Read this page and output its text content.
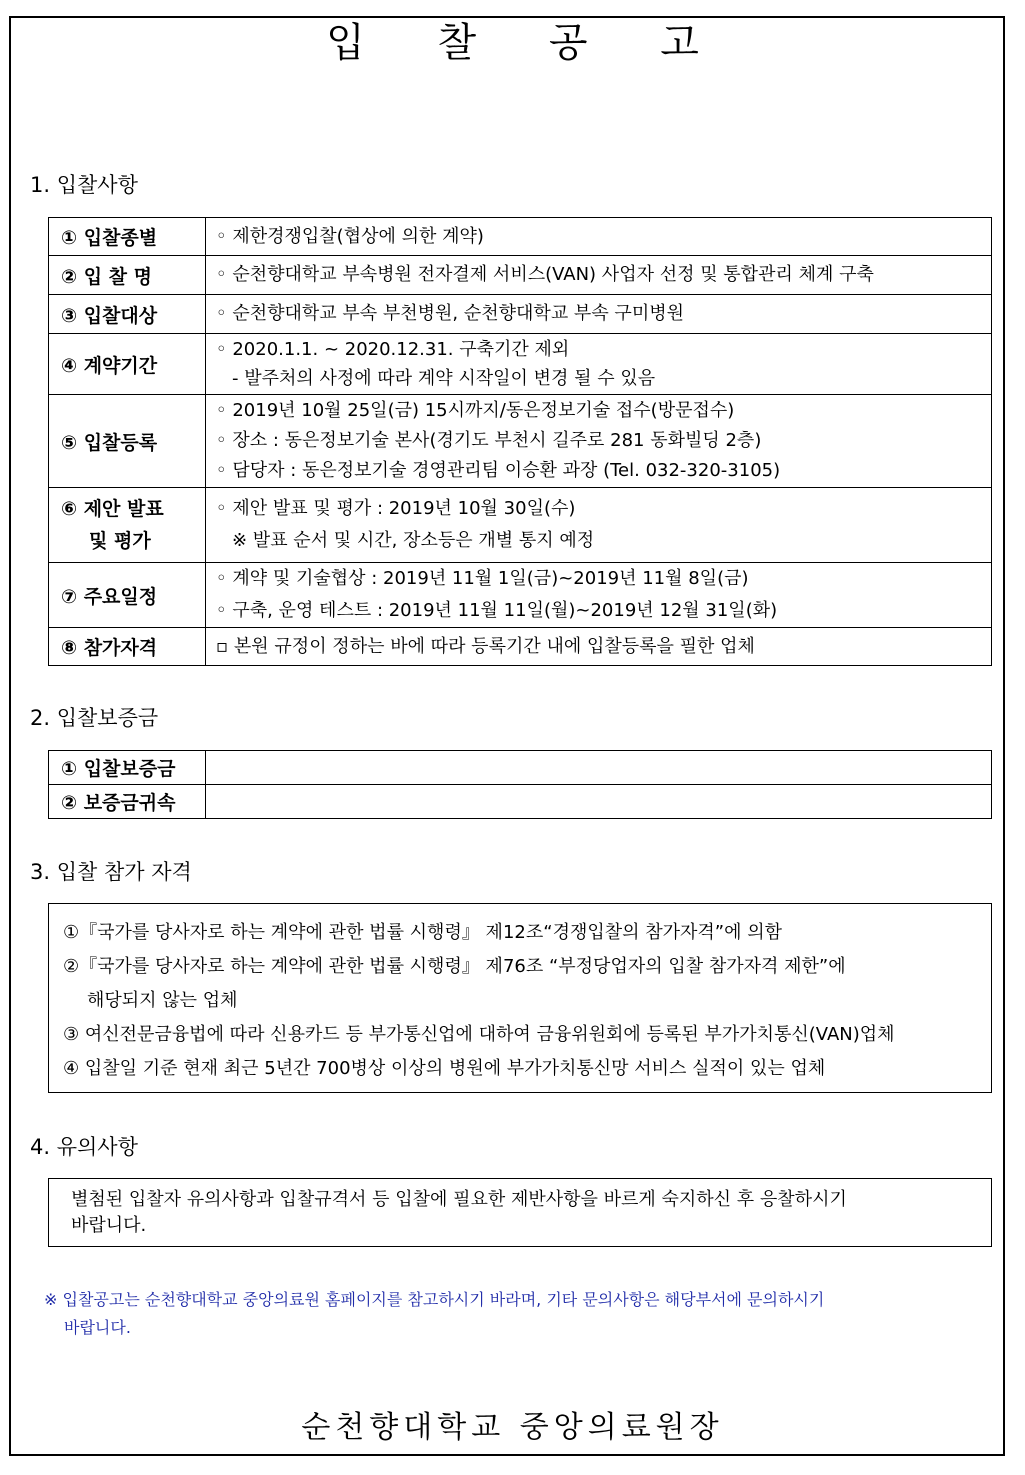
입 찰 공 고
1. 입찰사항
① 입찰종별	◦ 제한경쟁입찰(협상에 의한 계약)

② 입 찰 명	◦ 순천향대학교 부속병원 전자결제 서비스(VAN) 사업자 선정 및 통합관리 체계 구축

③ 입찰대상	◦ 순천향대학교 부속 부천병원, 순천향대학교 부속 구미병원

④ 계약기간	◦ 2020.1.1. ~ 2020.12.31. 구축기간 제외
- 발주처의 사정에 따라 계약 시작일이 변경 될 수 있음

⑤ 입찰등록	◦ 2019년 10월 25일(금) 15시까지/동은정보기술 접수(방문접수)
◦ 장소 : 동은정보기술 본사(경기도 부천시 길주로 281 동화빌딩 2층)
◦ 담당자 : 동은정보기술 경영관리팀 이승환 과장 (Tel. 032-320-3105)

⑥ 제안 발표
및 평가	◦ 제안 발표 및 평가 : 2019년 10월 30일(수)
※ 발표 순서 및 시간, 장소등은 개별 통지 예정

⑦ 주요일정	◦ 계약 및 기술협상 : 2019년 11월 1일(금)~2019년 11월 8일(금)
◦ 구축, 운영 테스트 : 2019년 11월 11일(월)~2019년 12월 31일(화)

⑧ 참가자격	▫ 본원 규정이 정하는 바에 따라 등록기간 내에 입찰등록을 필한 업체
2. 입찰보증금
① 입찰보증금	
② 보증금귀속	
3. 입찰 참가 자격
①『국가를 당사자로 하는 계약에 관한 법률 시행령』 제12조“경쟁입찰의 참가자격”에 의함
②『국가를 당사자로 하는 계약에 관한 법률 시행령』 제76조 “부정당업자의 입찰 참가자격 제한”에
해당되지 않는 업체
③ 여신전문금융법에 따라 신용카드 등 부가통신업에 대하여 금융위원회에 등록된 부가가치통신(VAN)업체
④ 입찰일 기준 현재 최근 5년간 700병상 이상의 병원에 부가가치통신망 서비스 실적이 있는 업체
4. 유의사항
별첨된 입찰자 유의사항과 입찰규격서 등 입찰에 필요한 제반사항을 바르게 숙지하신 후 응찰하시기
바랍니다.
※ 입찰공고는 순천향대학교 중앙의료원 홈페이지를 참고하시기 바라며, 기타 문의사항은 해당부서에 문의하시기
바랍니다.
순천향대학교 중앙의료원장
